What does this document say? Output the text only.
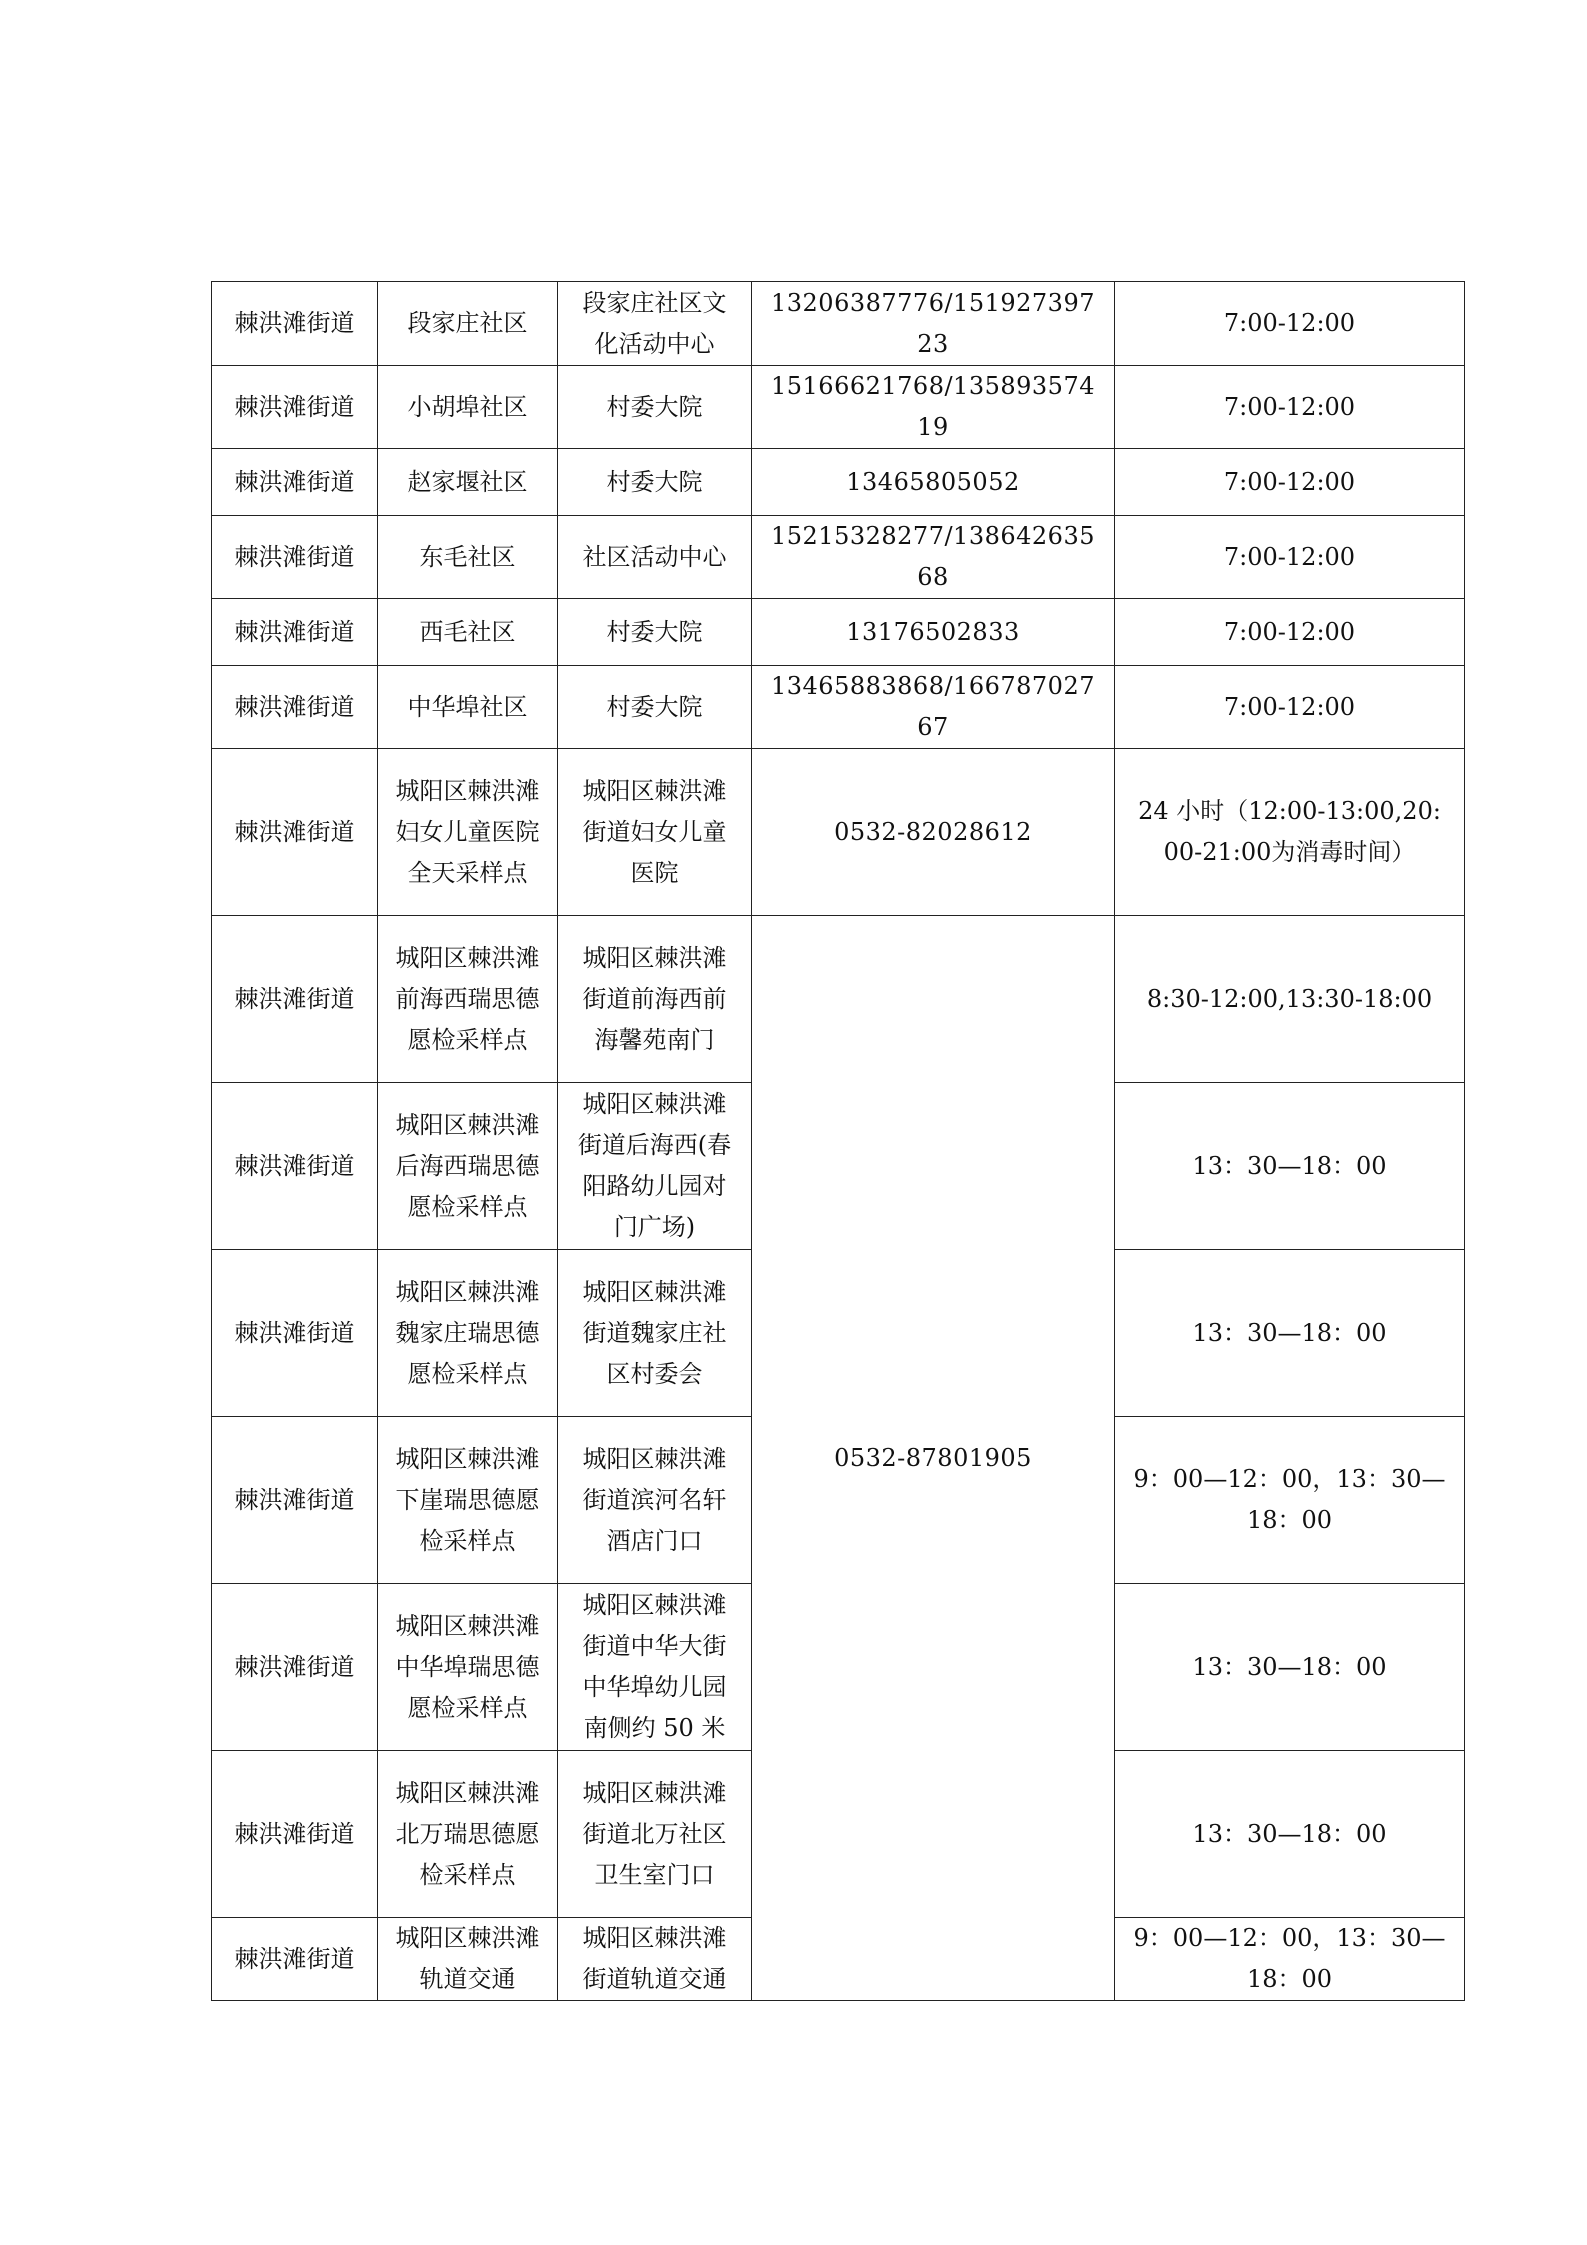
棘洪滩街道	段家庄社区	段家庄社区文化活动中心	13206387776/15192739723	7:00-12:00
棘洪滩街道	小胡埠社区	村委大院	15166621768/13589357419	7:00-12:00
棘洪滩街道	赵家堰社区	村委大院	13465805052	7:00-12:00
棘洪滩街道	东毛社区	社区活动中心	15215328277/13864263568	7:00-12:00
棘洪滩街道	西毛社区	村委大院	13176502833	7:00-12:00
棘洪滩街道	中华埠社区	村委大院	13465883868/16678702767	7:00-12:00
棘洪滩街道	城阳区棘洪滩妇女儿童医院全天采样点	城阳区棘洪滩街道妇女儿童医院	0532-82028612	24 小时（12:00-13:00,20:00-21:00为消毒时间）
棘洪滩街道	城阳区棘洪滩前海西瑞思德愿检采样点	城阳区棘洪滩街道前海西前海馨苑南门	0532-87801905	8:30-12:00,13:30-18:00
棘洪滩街道	城阳区棘洪滩后海西瑞思德愿检采样点	城阳区棘洪滩街道后海西(春阳路幼儿园对门广场)		13：30—18：00
棘洪滩街道	城阳区棘洪滩魏家庄瑞思德愿检采样点	城阳区棘洪滩街道魏家庄社区村委会		13：30—18：00
棘洪滩街道	城阳区棘洪滩下崖瑞思德愿检采样点	城阳区棘洪滩街道滨河名轩酒店门口		9：00—12：00，13：30—18：00
棘洪滩街道	城阳区棘洪滩中华埠瑞思德愿检采样点	城阳区棘洪滩街道中华大街中华埠幼儿园南侧约 50 米		13：30—18：00
棘洪滩街道	城阳区棘洪滩北万瑞思德愿检采样点	城阳区棘洪滩街道北万社区卫生室门口		13：30—18：00
棘洪滩街道	城阳区棘洪滩轨道交通	城阳区棘洪滩街道轨道交通		9：00—12：00，13：30—18：00
